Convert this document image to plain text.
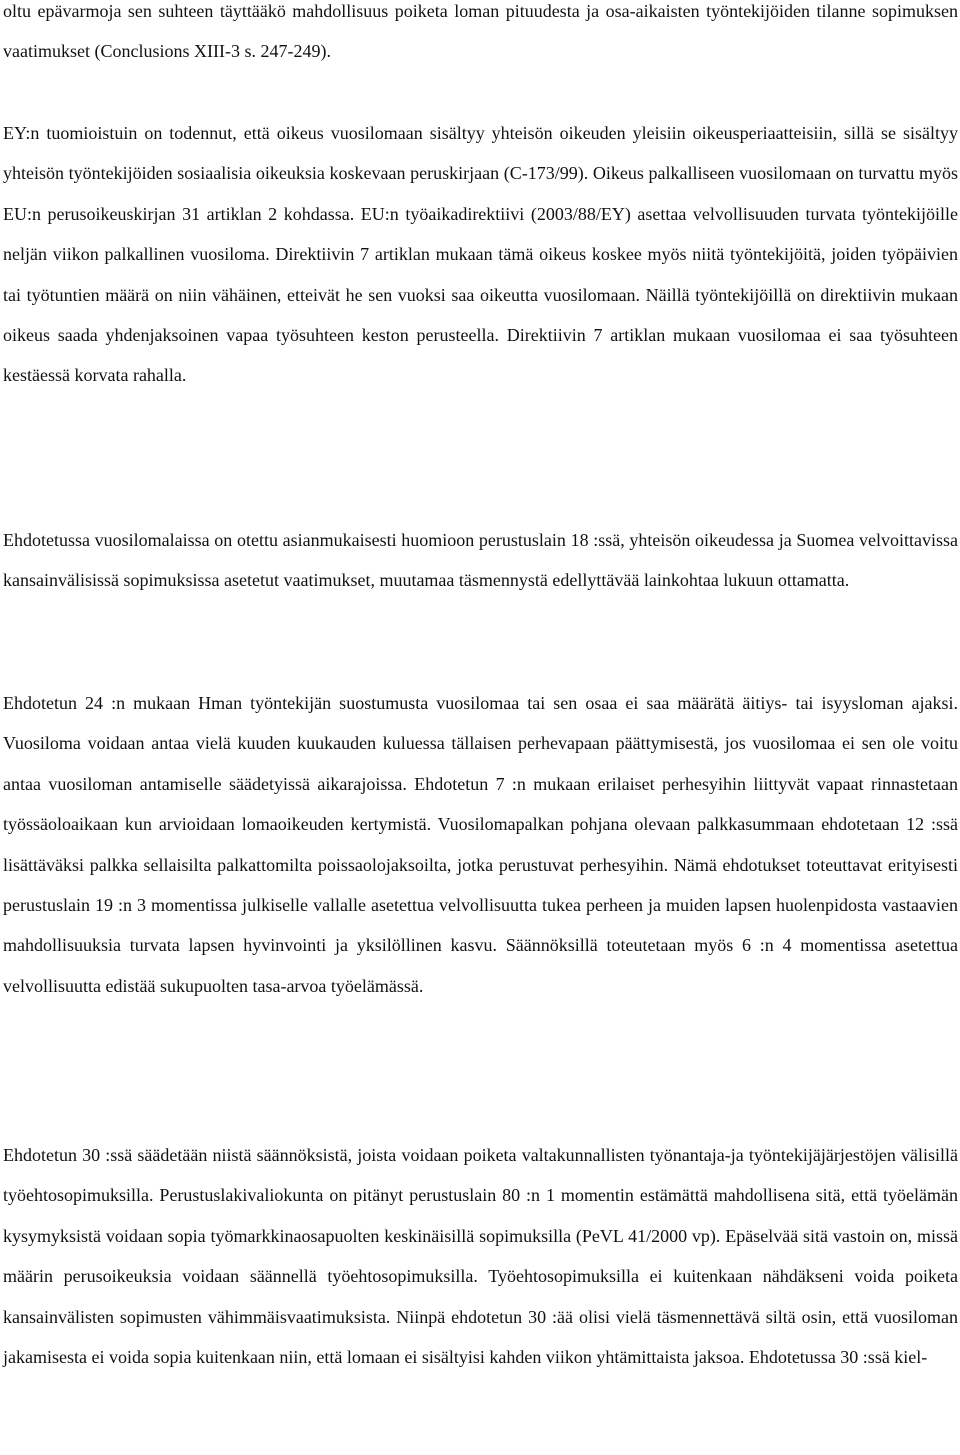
oltu epävarmoja sen suhteen täyttääkö mahdollisuus poiketa loman pituudesta ja osa-aikaisten työntekijöiden tilanne sopimuksen vaatimukset (Conclusions XIII-3 s. 247-249).

EY:n tuomioistuin on todennut, että oikeus vuosilomaan sisältyy yhteisön oikeuden yleisiin oikeusperiaatteisiin, sillä se sisältyy yhteisön työntekijöiden sosiaalisia oikeuksia koskevaan peruskirjaan (C-173/99). Oikeus palkalliseen vuosilomaan on turvattu myös EU:n perusoikeuskirjan 31 artiklan 2 kohdassa. EU:n työaikadirektiivi (2003/88/EY) asettaa velvollisuuden turvata työntekijöille neljän viikon palkallinen vuosiloma. Direktiivin 7 artiklan mukaan tämä oikeus koskee myös niitä työntekijöitä, joiden työpäivien tai työtuntien määrä on niin vähäinen, etteivät he sen vuoksi saa oikeutta vuosilomaan. Näillä työntekijöillä on direktiivin mukaan oikeus saada yhdenjaksoinen vapaa työsuhteen keston perusteella. Direktiivin 7 artiklan mukaan vuosilomaa ei saa työsuhteen kestäessä korvata rahalla.

Ehdotetussa vuosilomalaissa on otettu asianmukaisesti huomioon perustuslain 18 :ssä, yhteisön oikeudessa ja Suomea velvoittavissa kansainvälisissä sopimuksissa asetetut vaatimukset, muutamaa täsmennystä edellyttävää lainkohtaa lukuun ottamatta.

Ehdotetun 24 :n mukaan Hman työntekijän suostumusta vuosilomaa tai sen osaa ei saa määrätä äitiys- tai isyysloman ajaksi. Vuosiloma voidaan antaa vielä kuuden kuukauden kuluessa tällaisen perhevapaan päättymisestä, jos vuosilomaa ei sen ole voitu antaa vuosiloman antamiselle säädetyissä aikarajoissa. Ehdotetun 7 :n mukaan erilaiset perhesyihin liittyvät vapaat rinnastetaan työssäoloaikaan kun arvioidaan lomaoikeuden kertymistä. Vuosilomapalkan pohjana olevaan palkkasummaan ehdotetaan 12 :ssä lisättäväksi palkka sellaisilta palkattomilta poissaolojaksoilta, jotka perustuvat perhesyihin. Nämä ehdotukset toteuttavat erityisesti perustuslain 19 :n 3 momentissa julkiselle vallalle asetettua velvollisuutta tukea perheen ja muiden lapsen huolenpidosta vastaavien mahdollisuuksia turvata lapsen hyvinvointi ja yksilöllinen kasvu. Säännöksillä toteutetaan myös 6 :n 4 momentissa asetettua velvollisuutta edistää sukupuolten tasa-arvoa työelämässä.

Ehdotetun 30 :ssä säädetään niistä säännöksistä, joista voidaan poiketa valtakunnallisten työnantaja-ja työntekijäjärjestöjen välisillä työehtosopimuksilla. Perustuslakivaliokunta on pitänyt perustuslain 80 :n 1 momentin estämättä mahdollisena sitä, että työelämän kysymyksistä voidaan sopia työmarkkinaosapuolten keskinäisillä sopimuksilla (PeVL 41/2000 vp). Epäselvää sitä vastoin on, missä määrin perusoikeuksia voidaan säännellä työehtosopimuksilla. Työehtosopimuksilla ei kuitenkaan nähdäkseni voida poiketa kansainvälisten sopimusten vähimmäisvaatimuksista. Niinpä ehdotetun 30 :ää olisi vielä täsmennettävä siltä osin, että vuosiloman jakamisesta ei voida sopia kuitenkaan niin, että lomaan ei sisältyisi kahden viikon yhtämittaista jaksoa. Ehdotetussa 30 :ssä kiel-
